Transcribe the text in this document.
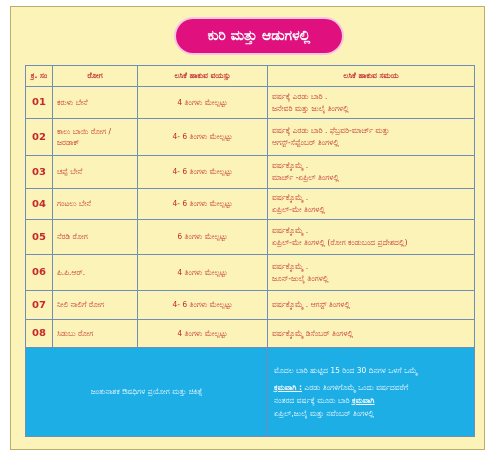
ಕುರಿ ಮತ್ತು ಆಡುಗಳಲ್ಲಿ
ಕ್ರ. ಸಂ	ರೋಗ	ಲಸಿಕೆ ಹಾಕುವ ವಯಸ್ಸು	ಲಸಿಕೆ ಹಾಕುವ ಸಮಯ
01	ಕರುಳು ಬೇನೆ	4 ತಿಂಗಳು ಮೇಲ್ಪಟ್ಟು	ವರ್ಷಕ್ಕೆ ಎರಡು ಬಾರಿ .
ಜನೇವರಿ ಮತ್ತು ಜುಲೈ ತಿಂಗಳಲ್ಲಿ

02	ಕಾಲು ಬಾಯಿ ರೋಗ / ಜರಡಾಕ್	4- 6 ತಿಂಗಳು ಮೇಲ್ಪಟ್ಟು	ವರ್ಷಕ್ಕೆ ಎರಡು ಬಾರಿ . ಫೆಬ್ರವರಿ-ಮಾರ್ಚ್ ಮತ್ತು
ಆಗಸ್ಟ್-ಸೆಪ್ಟೆಂಬರ್ ತಿಂಗಳಲ್ಲಿ

03	ಚಪ್ಪೆ ಬೇನೆ	4- 6 ತಿಂಗಳು ಮೇಲ್ಪಟ್ಟು	ವರ್ಷಕ್ಕೊಮ್ಮೆ .
ಮಾರ್ಚ್ -ಏಪ್ರಿಲ್ ತಿಂಗಳಲ್ಲಿ

04	ಗಂಟಲು ಬೇನೆ	4- 6 ತಿಂಗಳು ಮೇಲ್ಪಟ್ಟು	ವರ್ಷಕ್ಕೊಮ್ಮೆ .
ಏಪ್ರಿಲ್-ಮೇ ತಿಂಗಳಲ್ಲಿ

05	ನೆರಡಿ ರೋಗ	6 ತಿಂಗಳು ಮೇಲ್ಪಟ್ಟು	ವರ್ಷಕ್ಕೊಮ್ಮೆ .
ಏಪ್ರಿಲ್-ಮೇ ತಿಂಗಳಲ್ಲಿ (ರೋಗ ಕಂಡುಬಂದ ಪ್ರದೇಶದಲ್ಲಿ)

06	ಪಿ.ಪಿ.ಆರ್.	4 ತಿಂಗಳು ಮೇಲ್ಪಟ್ಟು	ವರ್ಷಕ್ಕೊಮ್ಮೆ .
ಜೂನ್-ಜುಲೈ ತಿಂಗಳಲ್ಲಿ

07	ನೀಲಿ ನಾಲಿಗೆ ರೋಗ	4- 6 ತಿಂಗಳು ಮೇಲ್ಪಟ್ಟು	ವರ್ಷಕ್ಕೊಮ್ಮೆ . ಆಗಸ್ಟ್ ತಿಂಗಳಲ್ಲಿ

08	ಸಿಡುಬು ರೋಗ	4 ತಿಂಗಳು ಮೇಲ್ಪಟ್ಟು	ವರ್ಷಕ್ಕೊಮ್ಮೆ ಡಿಸೆಂಬರ್ ತಿಂಗಳಲ್ಲಿ

ಜಂತುನಾಶಕ ಔಷಧಿಗಳ ಪ್ರಯೋಗ ಮತ್ತು ಚಿಕಿತ್ಸೆ			ಮೊದಲ ಬಾರಿ ಹುಟ್ಟಿದ 15 ರಿಂದ 30 ದಿನಗಳ ಒಳಗೆ ಒಮ್ಮೆ
ಕ್ರಮವಾಗಿ : ಎರಡು ತಿಂಗಳಿಗೊಮ್ಮೆ ಒಂದು ವರ್ಷದವರೆಗೆ
ನಂತರದ ವರ್ಷಕ್ಕೆ ಮೂರು ಬಾರಿ ಕ್ರಮವಾಗಿ
ಏಪ್ರಿಲ್,ಜುಲೈ ಮತ್ತು ನವೆಂಬರ್ ತಿಂಗಳಲ್ಲಿ
